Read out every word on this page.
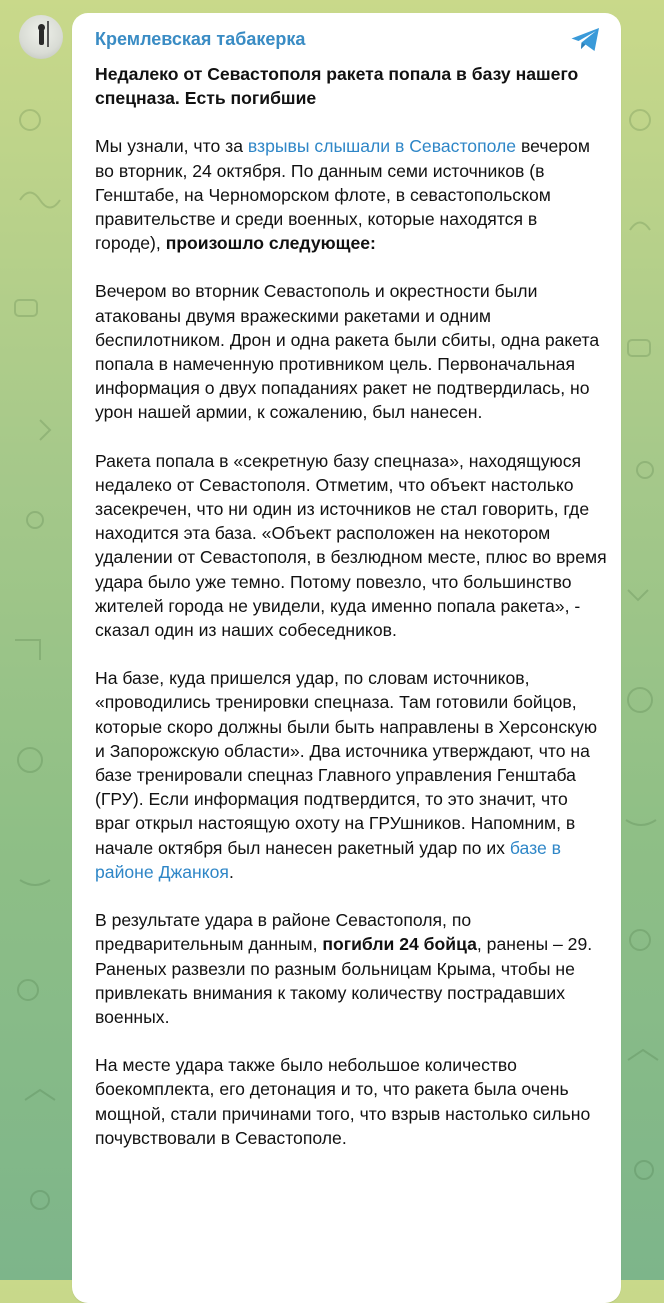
Кремлевская табакерка

Недалеко от Севастополя ракета попала в базу нашего спецназа. Есть погибшие

Мы узнали, что за взрывы слышали в Севастополе вечером во вторник, 24 октября. По данным семи источников (в Генштабе, на Черноморском флоте, в севастопольском правительстве и среди военных, которые находятся в городе), произошло следующее:

Вечером во вторник Севастополь и окрестности были атакованы двумя вражескими ракетами и одним беспилотником. Дрон и одна ракета были сбиты, одна ракета попала в намеченную противником цель. Первоначальная информация о двух попаданиях ракет не подтвердилась, но урон нашей армии, к сожалению, был нанесен.

Ракета попала в «секретную базу спецназа», находящуюся недалеко от Севастополя. Отметим, что объект настолько засекречен, что ни один из источников не стал говорить, где находится эта база. «Объект расположен на некотором удалении от Севастополя, в безлюдном месте, плюс во время удара было уже темно. Потому повезло, что большинство жителей города не увидели, куда именно попала ракета», - сказал один из наших собеседников.

На базе, куда пришелся удар, по словам источников, «проводились тренировки спецназа. Там готовили бойцов, которые скоро должны были быть направлены в Херсонскую и Запорожскую области». Два источника утверждают, что на базе тренировали спецназ Главного управления Генштаба (ГРУ). Если информация подтвердится, то это значит, что враг открыл настоящую охоту на ГРУшников. Напомним, в начале октября был нанесен ракетный удар по их базе в районе Джанкоя.

В результате удара в районе Севастополя, по предварительным данным, погибли 24 бойца, ранены – 29. Раненых развезли по разным больницам Крыма, чтобы не привлекать внимания к такому количеству пострадавших военных.

На месте удара также было небольшое количество боекомплекта, его детонация и то, что ракета была очень мощной, стали причинами того, что взрыв настолько сильно почувствовали в Севастополе.
